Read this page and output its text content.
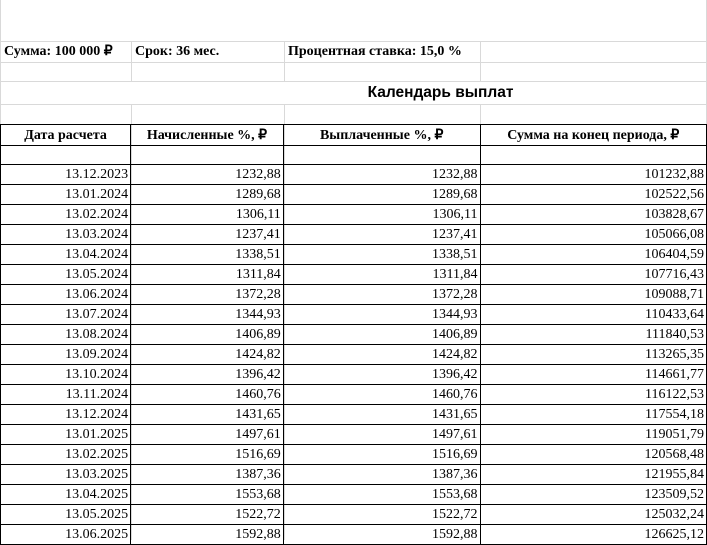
Сумма: 100 000 ₽ Срок: 36 мес.	Процентная ставка: 15,0 %
Календарь выплат
Дата расчета	Начисленные %, ₽	Выплаченные %, ₽	Сумма на конец периода, ₽

13.12.2023	1232,88	1232,88	101232,88
13.01.2024	1289,68	1289,68	102522,56
13.02.2024	1306,11	1306,11	103828,67
13.03.2024	1237,41	1237,41	105066,08
13.04.2024	1338,51	1338,51	106404,59
13.05.2024	1311,84	1311,84	107716,43
13.06.2024	1372,28	1372,28	109088,71
13.07.2024	1344,93	1344,93	110433,64
13.08.2024	1406,89	1406,89	111840,53
13.09.2024	1424,82	1424,82	113265,35
13.10.2024	1396,42	1396,42	114661,77
13.11.2024	1460,76	1460,76	116122,53
13.12.2024	1431,65	1431,65	117554,18
13.01.2025	1497,61	1497,61	119051,79
13.02.2025	1516,69	1516,69	120568,48
13.03.2025	1387,36	1387,36	121955,84
13.04.2025	1553,68	1553,68	123509,52
13.05.2025	1522,72	1522,72	125032,24
13.06.2025	1592,88	1592,88	126625,12
